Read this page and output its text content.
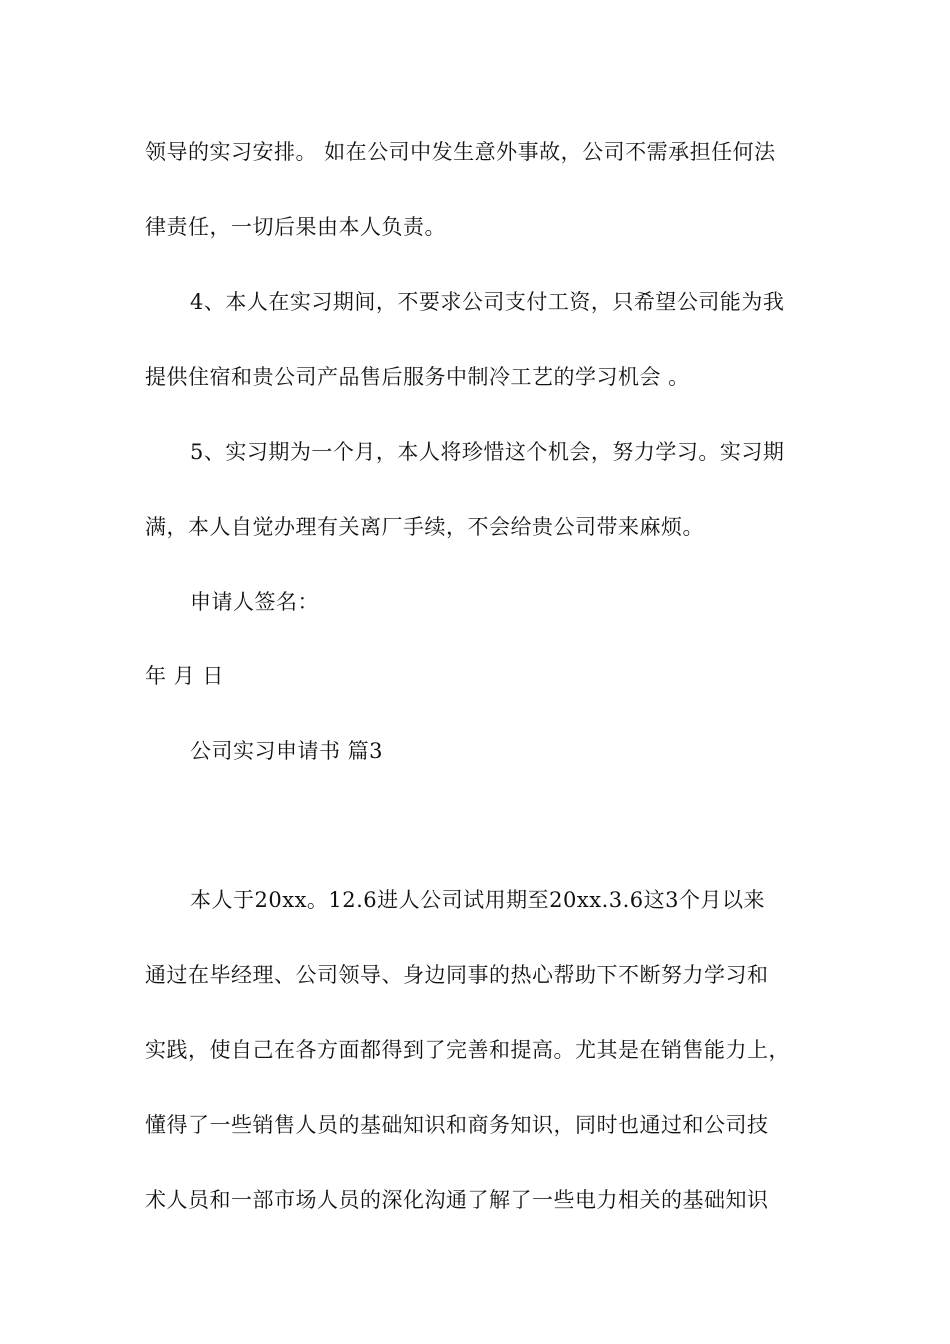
领导的实习安排。 如在公司中发生意外事故，公司不需承担任何法
律责任，一切后果由本人负责。
4、本人在实习期间，不要求公司支付工资，只希望公司能为我
提供住宿和贵公司产品售后服务中制冷工艺的学习机会 。
5、实习期为一个月，本人将珍惜这个机会，努力学习。实习期
满，本人自觉办理有关离厂手续，不会给贵公司带来麻烦。
申请人签名：
年 月 日
公司实习申请书 篇3
本人于20xx。12.6进人公司试用期至20xx.3.6这3个月以来
通过在毕经理、公司领导、身边同事的热心帮助下不断努力学习和
实践，使自己在各方面都得到了完善和提高。尤其是在销售能力上，
懂得了一些销售人员的基础知识和商务知识，同时也通过和公司技
术人员和一部市场人员的深化沟通了解了一些电力相关的基础知识
